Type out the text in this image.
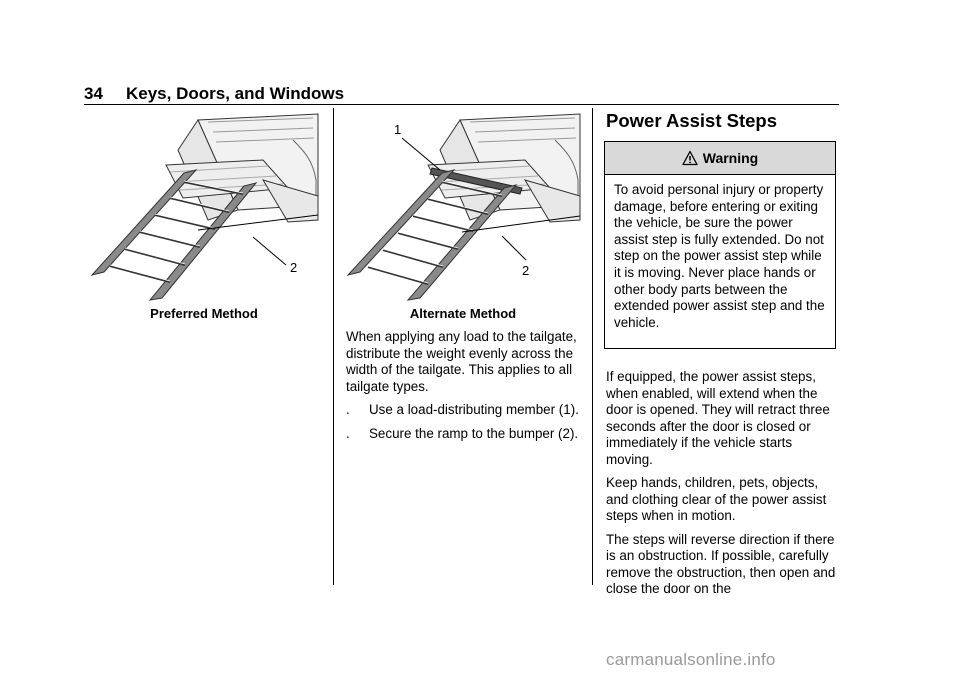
34 Keys, Doors, and Windows
2
Preferred Method
1
2
Alternate Method

When applying any load to the tailgate, distribute the weight evenly across the width of the tailgate. This applies to all tailgate types.

.	Use a load-distributing member (1).
.	Secure the ramp to the bumper (2).
Power Assist Steps
Warning
To avoid personal injury or property damage, before entering or exiting the vehicle, be sure the power assist step is fully extended. Do not step on the power assist step while it is moving. Never place hands or other body parts between the extended power assist step and the vehicle.

If equipped, the power assist steps, when enabled, will extend when the door is opened. They will retract three seconds after the door is closed or immediately if the vehicle starts moving.

Keep hands, children, pets, objects, and clothing clear of the power assist steps when in motion.

The steps will reverse direction if there is an obstruction. If possible, carefully remove the obstruction, then open and close the door on the

carmanualsonline.info
